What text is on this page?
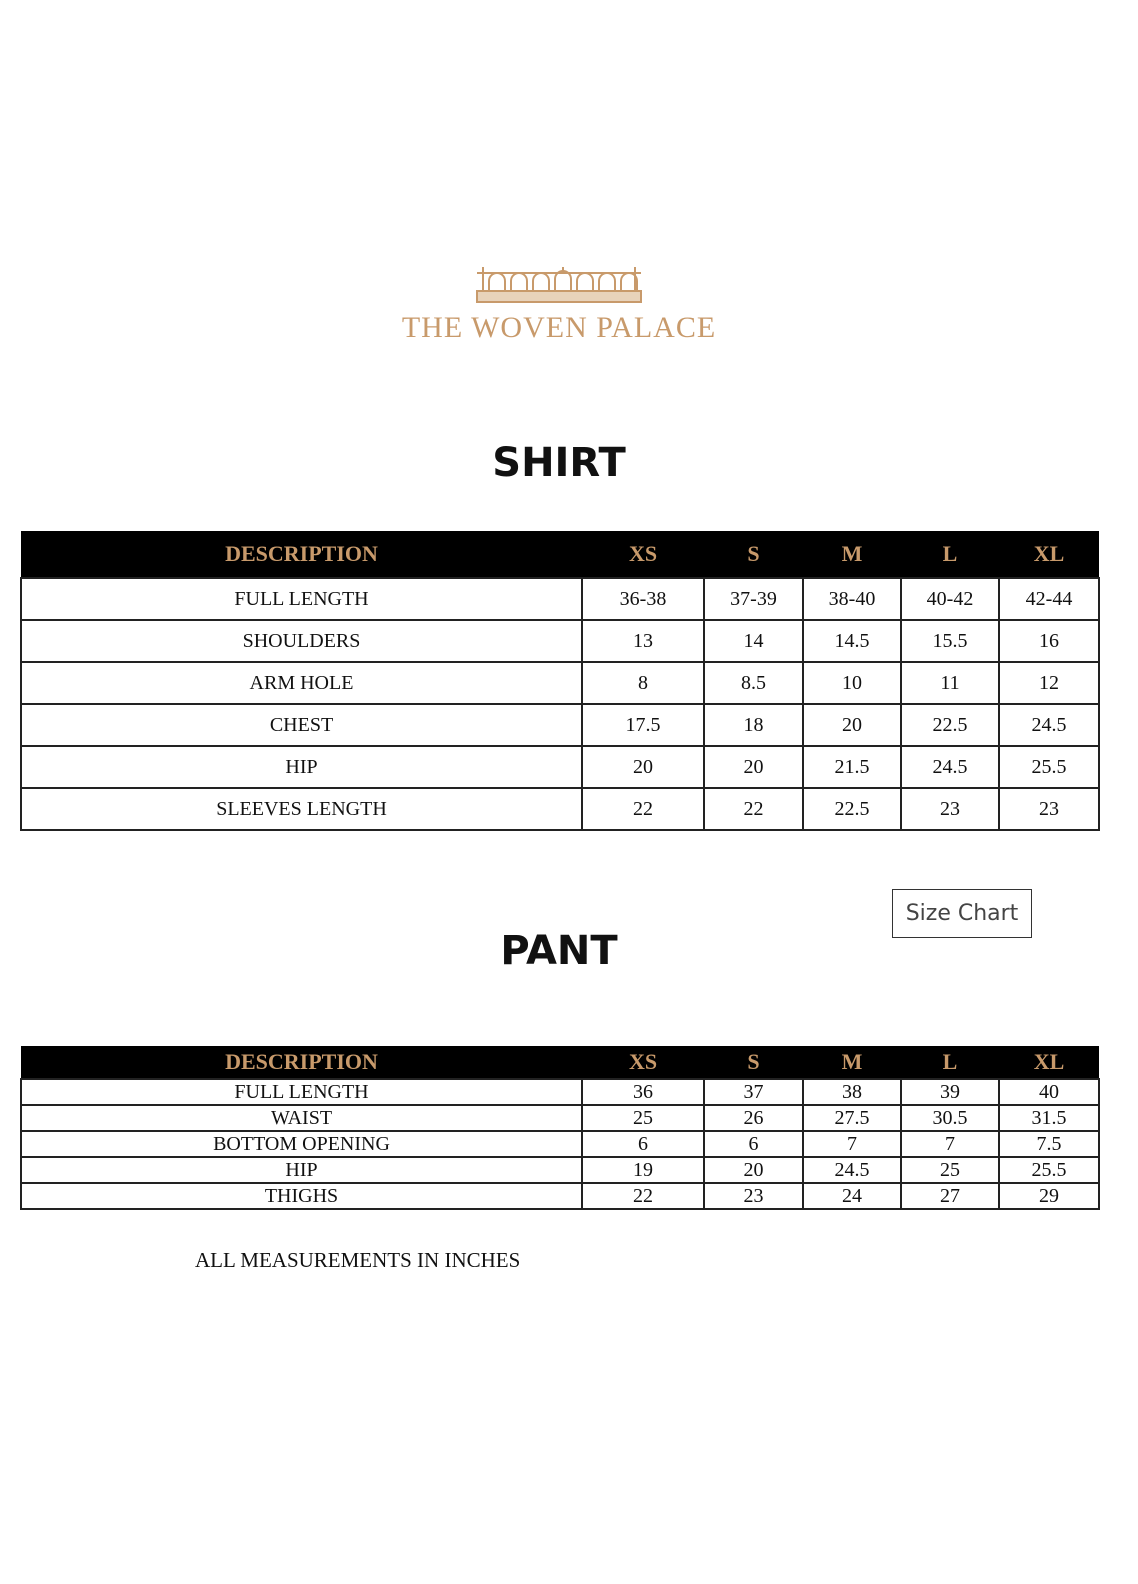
THE WOVEN PALACE
SHIRT
DESCRIPTION	XS	S	M	L	XL
FULL LENGTH	36-38	37-39	38-40	40-42	42-44
SHOULDERS	13	14	14.5	15.5	16
ARM HOLE	8	8.5	10	11	12
CHEST	17.5	18	20	22.5	24.5
HIP	20	20	21.5	24.5	25.5
SLEEVES LENGTH	22	22	22.5	23	23
Size Chart
PANT
DESCRIPTION	XS	S	M	L	XL
FULL LENGTH	36	37	38	39	40
WAIST	25	26	27.5	30.5	31.5
BOTTOM OPENING	6	6	7	7	7.5
HIP	19	20	24.5	25	25.5
THIGHS	22	23	24	27	29
ALL MEASUREMENTS IN INCHES
